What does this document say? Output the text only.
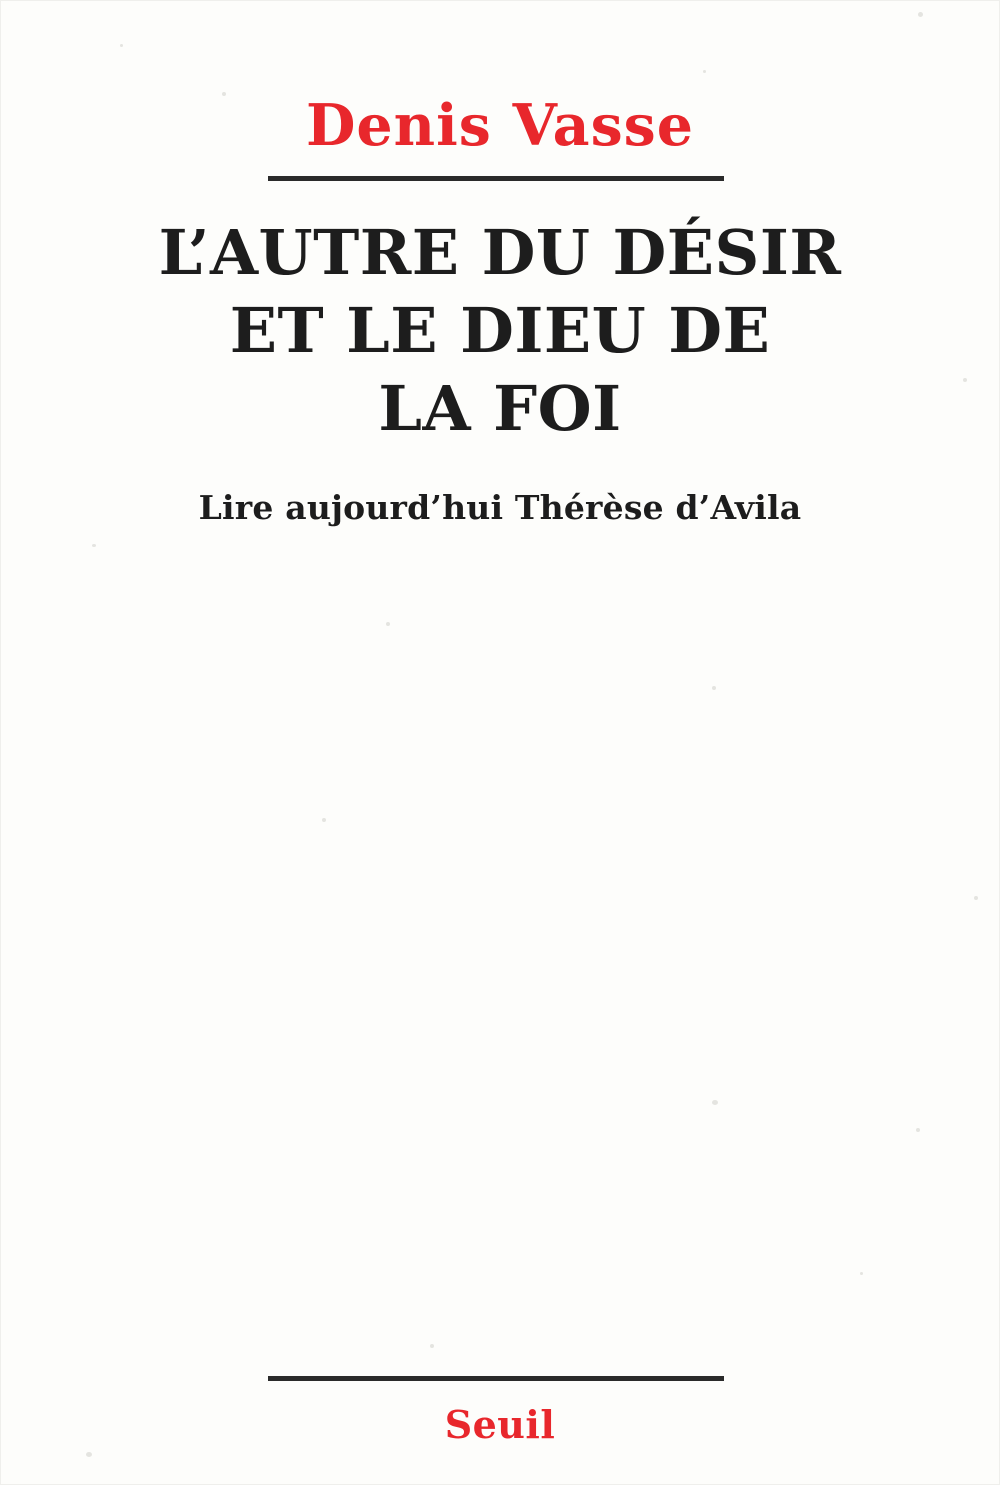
Denis Vasse
L’AUTRE DU DÉSIR
ET LE DIEU DE
LA FOI
Lire aujourd’hui Thérèse d’Avila
Seuil
